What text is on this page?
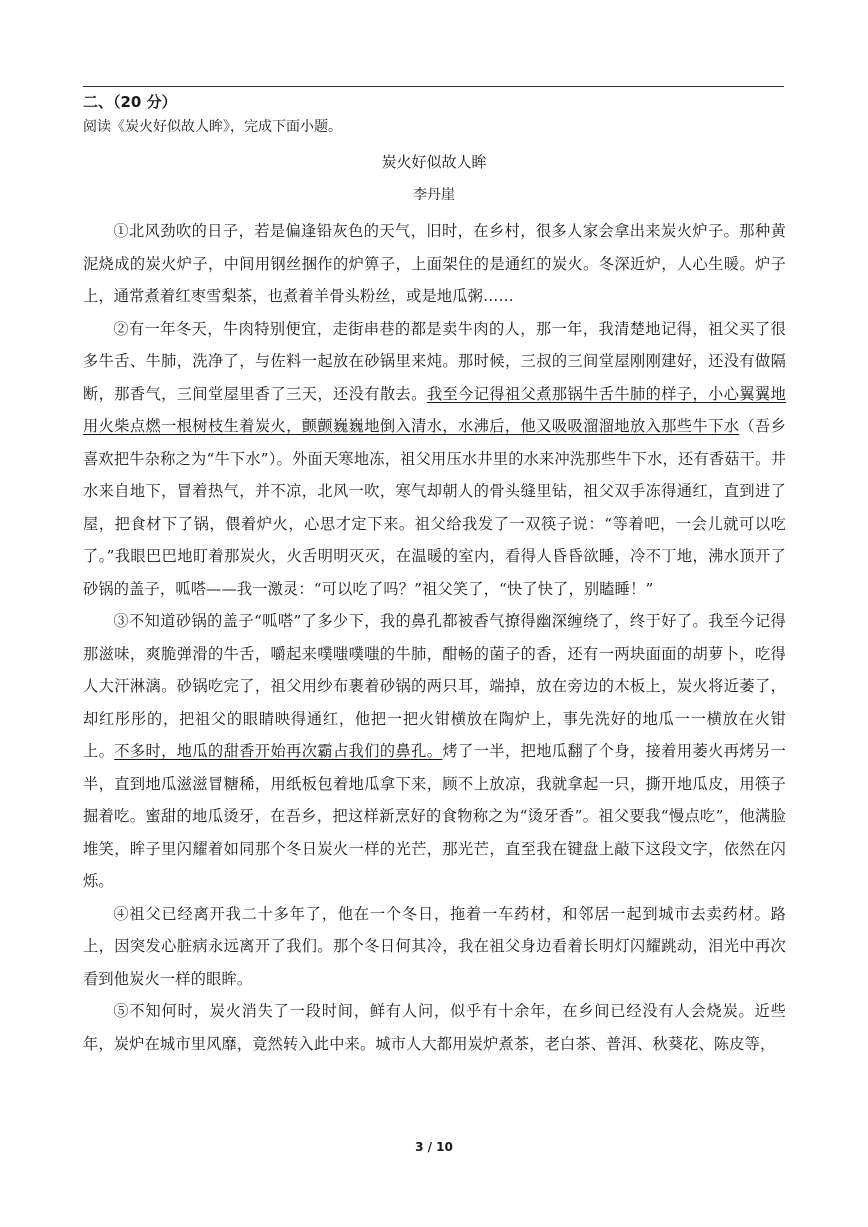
二、（20 分）
阅读《炭火好似故人眸》，完成下面小题。
炭火好似故人眸
李丹崖

①北风劲吹的日子，若是偏逢铅灰色的天气，旧时，在乡村，很多人家会拿出来炭火炉子。那种黄泥烧成的炭火炉子，中间用钢丝捆作的炉箅子，上面架住的是通红的炭火。冬深近炉，人心生暖。炉子上，通常煮着红枣雪梨茶，也煮着羊骨头粉丝，或是地瓜粥……

②有一年冬天，牛肉特别便宜，走街串巷的都是卖牛肉的人，那一年，我清楚地记得，祖父买了很多牛舌、牛肺，洗净了，与佐料一起放在砂锅里来炖。那时候，三叔的三间堂屋刚刚建好，还没有做隔断，那香气，三间堂屋里香了三天，还没有散去。我至今记得祖父煮那锅牛舌牛肺的样子，小心翼翼地用火柴点燃一根树枝生着炭火，颤颤巍巍地倒入清水，水沸后，他又吸吸溜溜地放入那些牛下水（吾乡喜欢把牛杂称之为“牛下水”）。外面天寒地冻，祖父用压水井里的水来冲洗那些牛下水，还有香菇干。井水来自地下，冒着热气，并不凉，北风一吹，寒气却朝人的骨头缝里钻，祖父双手冻得通红，直到进了屋，把食材下了锅，偎着炉火，心思才定下来。祖父给我发了一双筷子说：“等着吧，一会儿就可以吃了。”我眼巴巴地盯着那炭火，火舌明明灭灭，在温暖的室内，看得人昏昏欲睡，冷不丁地，沸水顶开了砂锅的盖子，呱嗒——我一激灵：“可以吃了吗？”祖父笑了，“快了快了，别瞌睡！”

③不知道砂锅的盖子“呱嗒”了多少下，我的鼻孔都被香气撩得幽深缠绕了，终于好了。我至今记得那滋味，爽脆弹滑的牛舌，嚼起来噗嗤噗嗤的牛肺，酣畅的菌子的香，还有一两块面面的胡萝卜，吃得人大汗淋漓。砂锅吃完了，祖父用纱布裹着砂锅的两只耳，端掉，放在旁边的木板上，炭火将近萎了，却红彤彤的，把祖父的眼睛映得通红，他把一把火钳横放在陶炉上，事先洗好的地瓜一一横放在火钳上。不多时，地瓜的甜香开始再次霸占我们的鼻孔。烤了一半，把地瓜翻了个身，接着用萎火再烤另一半，直到地瓜滋滋冒糖稀，用纸板包着地瓜拿下来，顾不上放凉，我就拿起一只，撕开地瓜皮，用筷子掘着吃。蜜甜的地瓜烫牙，在吾乡，把这样新烹好的食物称之为“烫牙香”。祖父要我“慢点吃”，他满脸堆笑，眸子里闪耀着如同那个冬日炭火一样的光芒，那光芒，直至我在键盘上敲下这段文字，依然在闪烁。

④祖父已经离开我二十多年了，他在一个冬日，拖着一车药材，和邻居一起到城市去卖药材。路上，因突发心脏病永远离开了我们。那个冬日何其冷，我在祖父身边看着长明灯闪耀跳动，泪光中再次看到他炭火一样的眼眸。

⑤不知何时，炭火消失了一段时间，鲜有人问，似乎有十余年，在乡间已经没有人会烧炭。近些年，炭炉在城市里风靡，竟然转入此中来。城市人大都用炭炉煮茶，老白茶、普洱、秋葵花、陈皮等，

3 / 10
